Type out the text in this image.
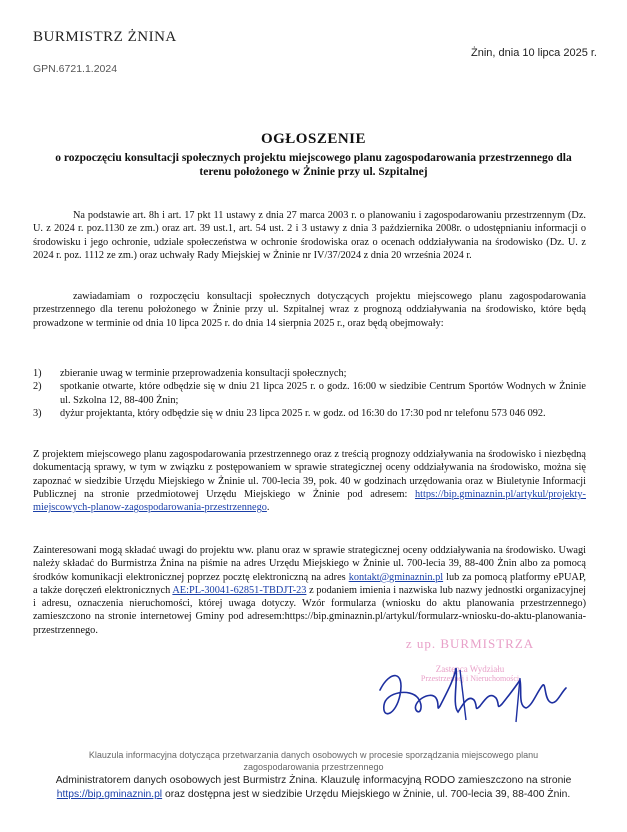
BURMISTRZ ŻNINA
GPN.6721.1.2024
Żnin, dnia 10 lipca 2025 r.
OGŁOSZENIE
o rozpoczęciu konsultacji społecznych projektu miejscowego planu zagospodarowania przestrzennego dla terenu położonego w Żninie przy ul. Szpitalnej
Na podstawie art. 8h i art. 17 pkt 11 ustawy z dnia 27 marca 2003 r. o planowaniu i zagospodarowaniu przestrzennym (Dz. U. z 2024 r. poz.1130 ze zm.) oraz art. 39 ust.1, art. 54 ust. 2 i 3 ustawy z dnia 3 października 2008r. o udostępnianiu informacji o środowisku i jego ochronie, udziale społeczeństwa w ochronie środowiska oraz o ocenach oddziaływania na środowisko (Dz. U. z 2024 r. poz. 1112 ze zm.) oraz uchwały Rady Miejskiej w Żninie nr IV/37/2024 z dnia 20 września 2024 r.
zawiadamiam o rozpoczęciu konsultacji społecznych dotyczących projektu miejscowego planu zagospodarowania przestrzennego dla terenu położonego w Żninie przy ul. Szpitalnej wraz z prognozą oddziaływania na środowisko, które będą prowadzone w terminie od dnia 10 lipca 2025 r. do dnia 14 sierpnia 2025 r., oraz będą obejmowały:
1) zbieranie uwag w terminie przeprowadzenia konsultacji społecznych;
2) spotkanie otwarte, które odbędzie się w dniu 21 lipca 2025 r. o godz. 16:00 w siedzibie Centrum Sportów Wodnych w Żninie ul. Szkolna 12, 88-400 Żnin;
3) dyżur projektanta, który odbędzie się w dniu 23 lipca 2025 r. w godz. od 16:30 do 17:30 pod nr telefonu 573 046 092.
Z projektem miejscowego planu zagospodarowania przestrzennego oraz z treścią prognozy oddziaływania na środowisko i niezbędną dokumentacją sprawy, w tym w związku z postępowaniem w sprawie strategicznej oceny oddziaływania na środowisko, można się zapoznać w siedzibie Urzędu Miejskiego w Żninie ul. 700-lecia 39, pok. 40 w godzinach urzędowania oraz w Biuletynie Informacji Publicznej na stronie przedmiotowej Urzędu Miejskiego w Żninie pod adresem: https://bip.gminaznin.pl/artykul/projekty-miejscowych-planow-zagospodarowania-przestrzennego.
Zainteresowani mogą składać uwagi do projektu ww. planu oraz w sprawie strategicznej oceny oddziaływania na środowisko. Uwagi należy składać do Burmistrza Żnina na piśmie na adres Urzędu Miejskiego w Żninie ul. 700-lecia 39, 88-400 Żnin albo za pomocą środków komunikacji elektronicznej poprzez pocztę elektroniczną na adres kontakt@gminaznin.pl lub za pomocą platformy ePUAP, a także doręczeń elektronicznych AE:PL-30041-62851-TBDJT-23 z podaniem imienia i nazwiska lub nazwy jednostki organizacyjnej i adresu, oznaczenia nieruchomości, której uwaga dotyczy. Wzór formularza (wniosku do aktu planowania przestrzennego) zamieszczono na stronie internetowej Gminy pod adresem:https://bip.gminaznin.pl/artykul/formularz-wniosku-do-aktu-planowania-przestrzennego.
z up. BURMISTRZA
Zastępca Wydziału
Przestrzennej i Nieruchomości
Klauzula informacyjna dotycząca przetwarzania danych osobowych w procesie sporządzania miejscowego planu zagospodarowania przestrzennego
Administratorem danych osobowych jest Burmistrz Żnina. Klauzulę informacyjną RODO zamieszczono na stronie https://bip.gminaznin.pl oraz dostępna jest w siedzibie Urzędu Miejskiego w Żninie, ul. 700-lecia 39, 88-400 Żnin.
